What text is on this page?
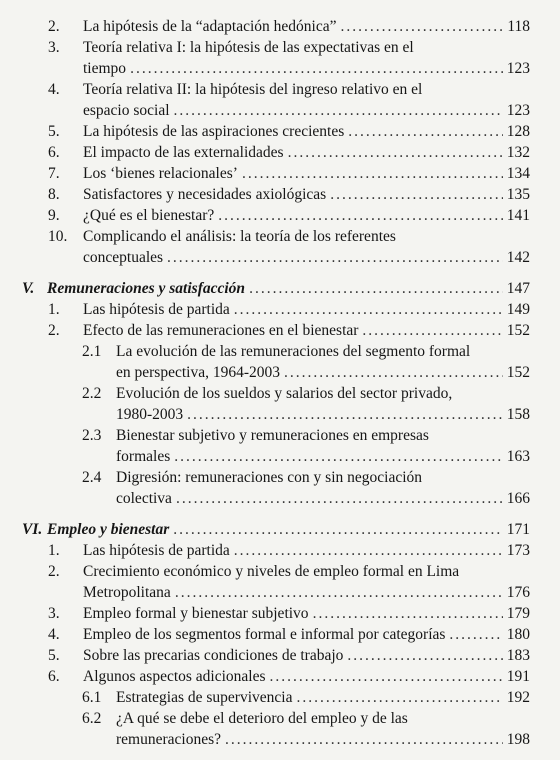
2. La hipótesis de la “adaptación hedónica” .....	118
3. Teoría relativa I: la hipótesis de las expectativas en el
tiempo .....	123
4. Teoría relativa II: la hipótesis del ingreso relativo en el
espacio social .....	123
5. La hipótesis de las aspiraciones crecientes .....	128
6. El impacto de las externalidades .....	132
7. Los ‘bienes relacionales’ .....	134
8. Satisfactores y necesidades axiológicas .....	135
9. ¿Qué es el bienestar? .....	141
10. Complicando el análisis: la teoría de los referentes
conceptuales .....	142
V. Remuneraciones y satisfacción .....	147
1. Las hipótesis de partida .....	149
2. Efecto de las remuneraciones en el bienestar .....	152
2.1 La evolución de las remuneraciones del segmento formal
en perspectiva, 1964-2003 .....	152
2.2 Evolución de los sueldos y salarios del sector privado,
1980-2003 .....	158
2.3 Bienestar subjetivo y remuneraciones en empresas
formales .....	163
2.4 Digresión: remuneraciones con y sin negociación
colectiva .....	166
VI. Empleo y bienestar .....	171
1. Las hipótesis de partida .....	173
2. Crecimiento económico y niveles de empleo formal en Lima
Metropolitana .....	176
3. Empleo formal y bienestar subjetivo .....	179
4. Empleo de los segmentos formal e informal por categorías .....	180
5. Sobre las precarias condiciones de trabajo .....	183
6. Algunos aspectos adicionales .....	191
6.1 Estrategias de supervivencia .....	192
6.2 ¿A qué se debe el deterioro del empleo y de las
remuneraciones? .....	198
